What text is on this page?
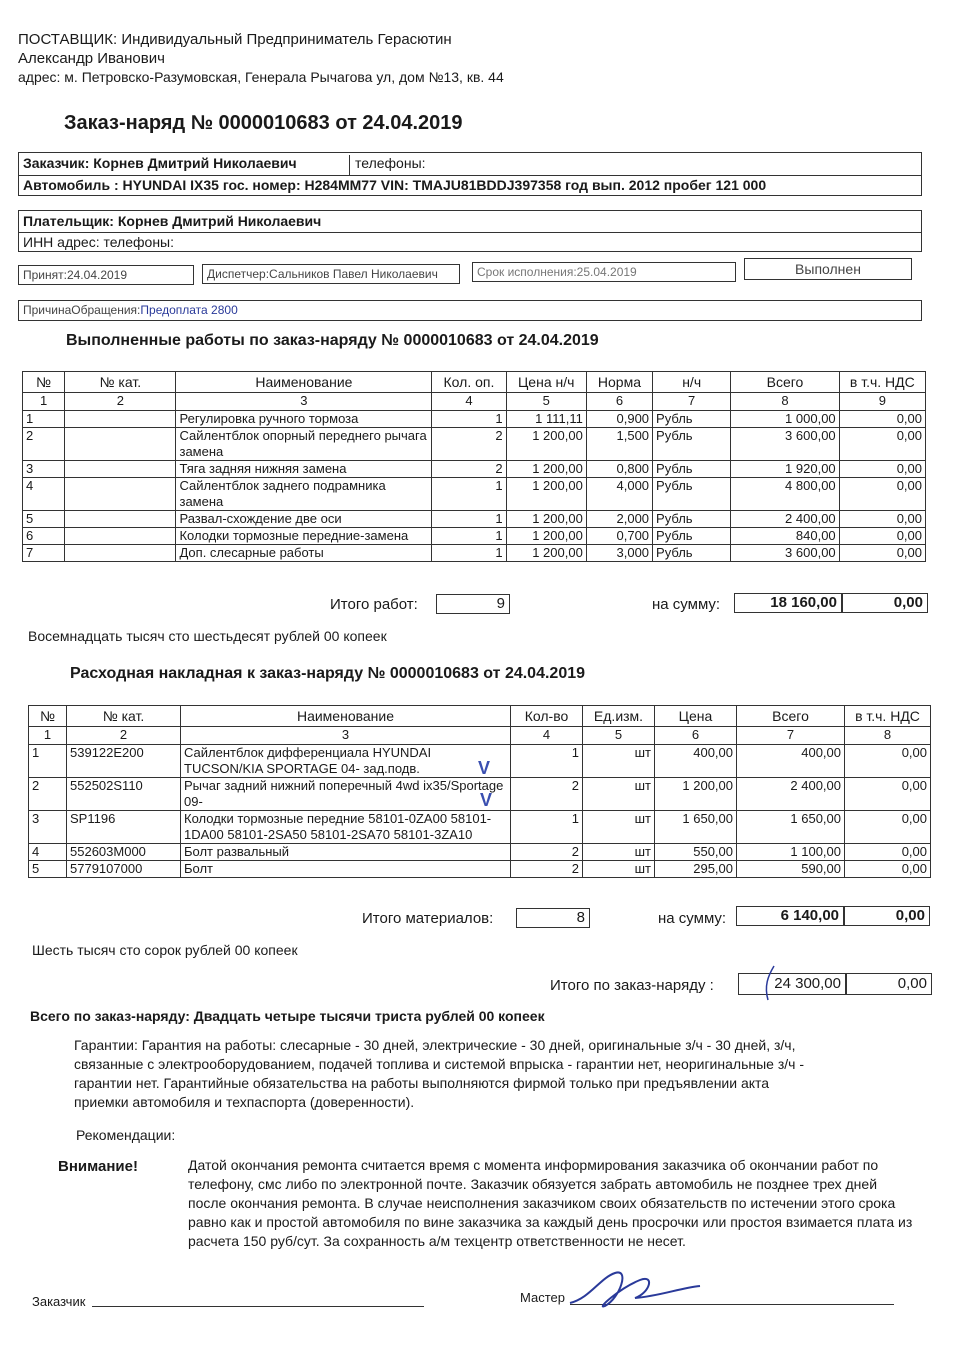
ПОСТАВЩИК: Индивидуальный Предприниматель Герасютин
Александр Иванович
адрес: м. Петровско-Разумовская, Генерала Рычагова ул, дом №13, кв. 44
Заказ-наряд № 0000010683 от 24.04.2019
Заказчик: Корнев Дмитрий Николаевич	телефоны:
Автомобиль : HYUNDAI IX35 гос. номер: Н284ММ77 VIN: TMAJU81BDDJ397358 год вып. 2012 пробег 121 000
Плательщик: Корнев Дмитрий Николаевич
ИНН адрес: телефоны:
Принят:24.04.2019	Диспетчер:Сальников Павел Николаевич	Срок исполнения:25.04.2019	Выполнен
ПричинаОбращения:Предоплата 2800
Выполненные работы по заказ-наряду № 0000010683 от 24.04.2019
№	№ кат.	Наименование	Кол. оп.	Цена н/ч	Норма	н/ч	Всего	в т.ч. НДС
1	2	3	4	5	6	7	8	9
1		Регулировка ручного тормоза	1	1 111,11	0,900	Рубль	1 000,00	0,00
2		Сайлентблок опорный переднего рычага замена	2	1 200,00	1,500	Рубль	3 600,00	0,00
3		Тяга задняя нижняя замена	2	1 200,00	0,800	Рубль	1 920,00	0,00
4		Сайлентблок заднего подрамника замена	1	1 200,00	4,000	Рубль	4 800,00	0,00
5		Развал-схождение две оси	1	1 200,00	2,000	Рубль	2 400,00	0,00
6		Колодки тормозные передние-замена	1	1 200,00	0,700	Рубль	840,00	0,00
7		Доп. слесарные работы	1	1 200,00	3,000	Рубль	3 600,00	0,00
Итого работ:	9	на сумму:	18 160,00	0,00
Восемнадцать тысяч сто шестьдесят рублей 00 копеек
Расходная накладная к заказ-наряду № 0000010683 от 24.04.2019
№	№ кат.	Наименование	Кол-во	Ед.изм.	Цена	Всего	в т.ч. НДС
1	2	3	4	5	6	7	8
1	539122E200	Сайлентблок дифференциала HYUNDAI TUCSON/KIA SPORTAGE 04- зад.подв.	1	шт	400,00	400,00	0,00
2	552502S110	Рычаг задний нижний поперечный 4wd ix35/Sportage 09-	2	шт	1 200,00	2 400,00	0,00
3	SP1196	Колодки тормозные передние 58101-0ZA00 58101-1DA00 58101-2SA50 58101-2SA70 58101-3ZA10	1	шт	1 650,00	1 650,00	0,00
4	552603M000	Болт развальный	2	шт	550,00	1 100,00	0,00
5	5779107000	Болт	2	шт	295,00	590,00	0,00
V
V
Итого материалов:	8	на сумму:	6 140,00	0,00
Шесть тысяч сто сорок рублей 00 копеек
Итого по заказ-наряду :	24 300,00	0,00
Всего по заказ-наряду: Двадцать четыре тысячи триста рублей 00 копеек
Гарантии: Гарантия на работы: слесарные - 30 дней, электрические - 30 дней, оригинальные з/ч - 30 дней, з/ч, связанные с электрооборудованием, подачей топлива и системой впрыска - гарантии нет, неоригинальные з/ч - гарантии нет. Гарантийные обязательства на работы выполняются фирмой только при предъявлении акта приемки автомобиля и техпаспорта (доверенности).
Рекомендации:
Внимание!	Датой окончания ремонта считается время с момента информирования заказчика об окончании работ по телефону, смс либо по электронной почте. Заказчик обязуется забрать автомобиль не позднее трех дней после окончания ремонта. В случае неисполнения заказчиком своих обязательств по истечении этого срока равно как и простой автомобиля по вине заказчика за каждый день просрочки или простоя взимается плата из расчета 150 руб/сут. За сохранность а/м техцентр ответственности не несет.
Заказчик	Мастер
